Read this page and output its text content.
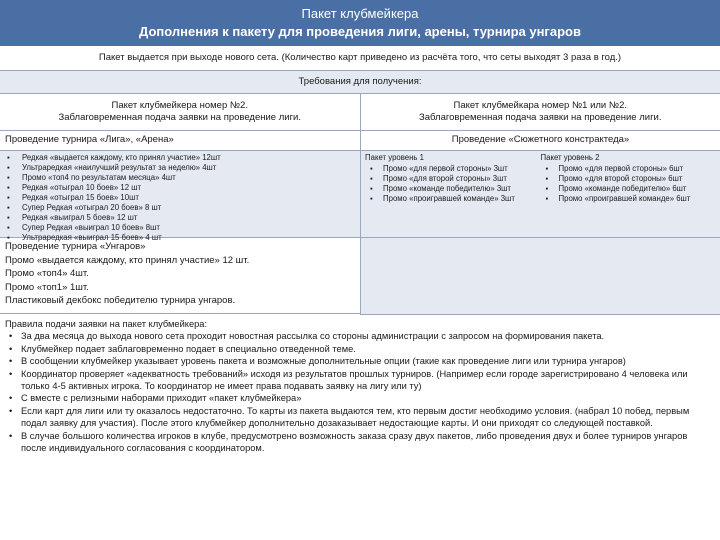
Пакет клубмейкера
Дополнения к пакету для проведения лиги, арены, турнира унгаров
Пакет выдается при выходе нового сета. (Количество карт приведено из расчёта того, что сеты выходят 3 раза в год.)
Требования для получения:
Пакет клубмейкера номер №2.
Заблаговременная подача заявки на проведение лиги.
Пакет клубмейкара номер №1 или №2.
Заблаговременная подача заявки на проведение лиги.
Проведение турнира «Лига», «Арена»
▪ Редкая «выдается каждому, кто принял участие» 12шт
▪ Ультраредкая «наилучший результат за неделю» 4шт
▪ Промо «топ4 по результатам месяца» 4шт
▪ Редкая «отыграл 10 боев» 12 шт
▪ Редкая «отыграл 15 боев» 10шт
▪ Супер Редкая «отыграл 20 боев» 8 шт
▪ Редкая «выиграл 5 боев» 12 шт
▪ Супер Редкая «выиграл 10 боев» 8шт
▪ Ультраредкая «выиграл 15 боев» 4 шт
Проведение турнира «Унгаров»
Промо «выдается каждому, кто принял участие» 12 шт.
Промо «топ4» 4шт.
Промо «топ1» 1шт.
Пластиковый декбокс победителю турнира унгаров.
Проведение «Сюжетного констрактеда»
Пакет уровень 1
▪ Промо «для первой стороны» 3шт
▪ Промо «для второй стороны» 3шт
▪ Промо «команде победителю» 3шт
▪ Промо «проигравшей команде» 3шт
Пакет уровень 2
▪ Промо «для первой стороны» 6шт
▪ Промо «для второй стороны» 6шт
▪ Промо «команде победителю» 6шт
▪ Промо «проигравшей команде» 6шт
Правила подачи заявки на пакет клубмейкера:
• За два месяца до выхода нового сета проходит новостная рассылка со стороны администрации с запросом на формирования пакета.
• Клубмейкер подает заблаговременно подает в специально отведенной теме.
• В сообщении клубмейкер указывает уровень пакета и возможные дополнительные опции (такие как проведение лиги или турнира унгаров)
• Координатор проверяет «адекватность требований» исходя из результатов прошлых турниров. (Например если городе зарегистрировано 4 человека или только 4-5 активных игрока. То координатор не имеет права подавать заявку на лигу или ту)
• С вместе с релизными наборами приходит «пакет клубмейкера»
• Если карт для лиги или ту оказалось недостаточно. То карты из пакета выдаются тем, кто первым достиг необходимо условия. (набрал 10 побед, первым подал заявку для участия). После этого клубмейкер дополнительно дозаказывает недостающие карты. И они приходят со следующей поставкой.
• В случае большого количества игроков в клубе, предусмотрено возможность заказа сразу двух пакетов, либо проведения двух и более турниров унгаров после индивидуального согласования с координатором.
